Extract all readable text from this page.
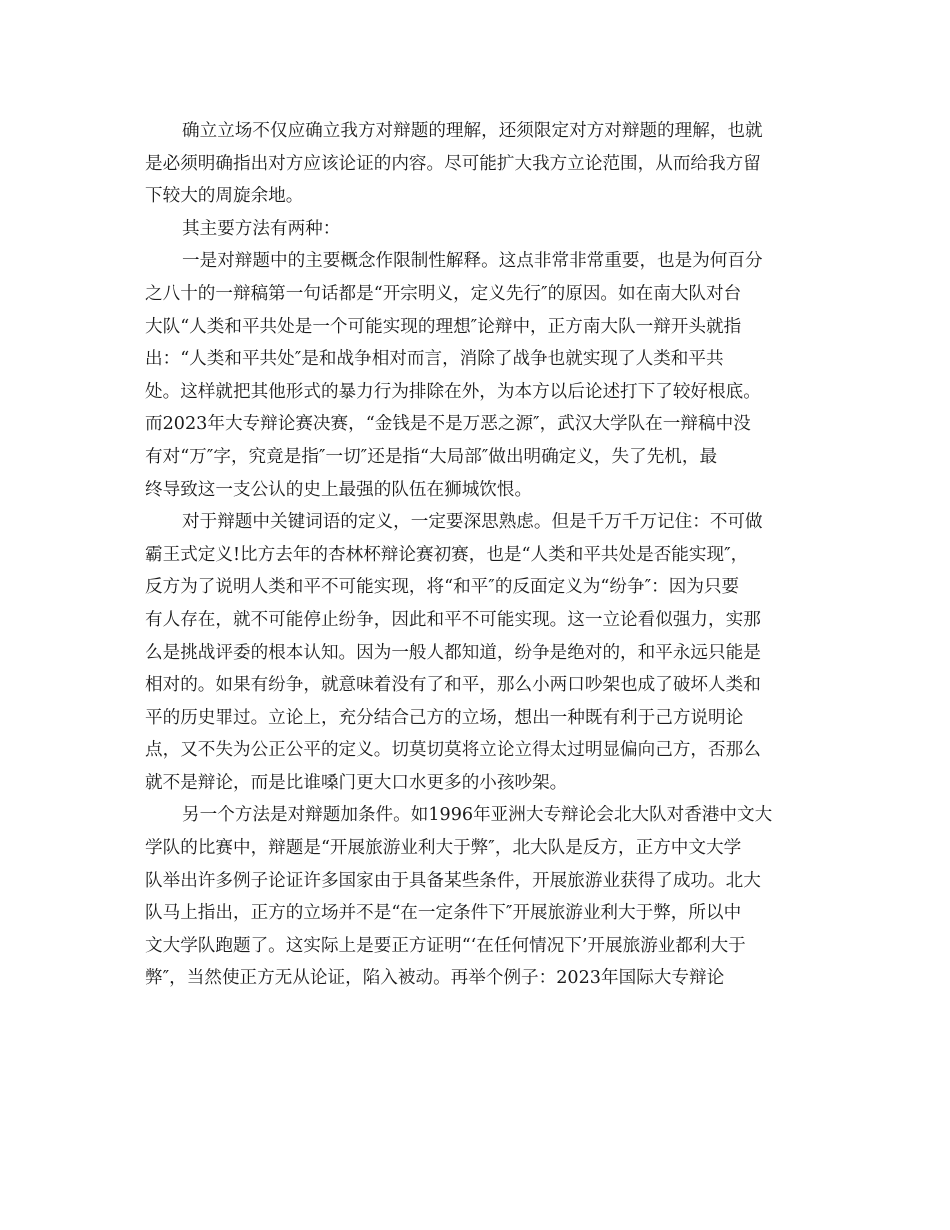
确立立场不仅应确立我方对辩题的理解，还须限定对方对辩题的理解，也就
是必须明确指出对方应该论证的内容。尽可能扩大我方立论范围，从而给我方留
下较大的周旋余地。
其主要方法有两种：
一是对辩题中的主要概念作限制性解释。这点非常非常重要，也是为何百分
之八十的一辩稿第一句话都是“开宗明义，定义先行″的原因。如在南大队对台
大队“人类和平共处是一个可能实现的理想″论辩中，正方南大队一辩开头就指
出：“人类和平共处″是和战争相对而言，消除了战争也就实现了人类和平共
处。这样就把其他形式的暴力行为排除在外，为本方以后论述打下了较好根底。
而2023年大专辩论赛决赛，“金钱是不是万恶之源″，武汉大学队在一辩稿中没
有对“万″字，究竟是指″一切″还是指“大局部″做出明确定义，失了先机，最
终导致这一支公认的史上最强的队伍在狮城饮恨。
对于辩题中关键词语的定义，一定要深思熟虑。但是千万千万记住：不可做
霸王式定义!比方去年的杏林杯辩论赛初赛，也是“人类和平共处是否能实现″，
反方为了说明人类和平不可能实现，将“和平″的反面定义为“纷争″：因为只要
有人存在，就不可能停止纷争，因此和平不可能实现。这一立论看似强力，实那
么是挑战评委的根本认知。因为一般人都知道，纷争是绝对的，和平永远只能是
相对的。如果有纷争，就意味着没有了和平，那么小两口吵架也成了破坏人类和
平的历史罪过。立论上，充分结合己方的立场，想出一种既有利于己方说明论
点，又不失为公正公平的定义。切莫切莫将立论立得太过明显偏向己方，否那么
就不是辩论，而是比谁嗓门更大口水更多的小孩吵架。
另一个方法是对辩题加条件。如1996年亚洲大专辩论会北大队对香港中文大
学队的比赛中，辩题是“开展旅游业利大于弊″，北大队是反方，正方中文大学
队举出许多例子论证许多国家由于具备某些条件，开展旅游业获得了成功。北大
队马上指出，正方的立场并不是“在一定条件下″开展旅游业利大于弊，所以中
文大学队跑题了。这实际上是要正方证明“‘在任何情况下’开展旅游业都利大于
弊″，当然使正方无从论证，陷入被动。再举个例子：2023年国际大专辩论
